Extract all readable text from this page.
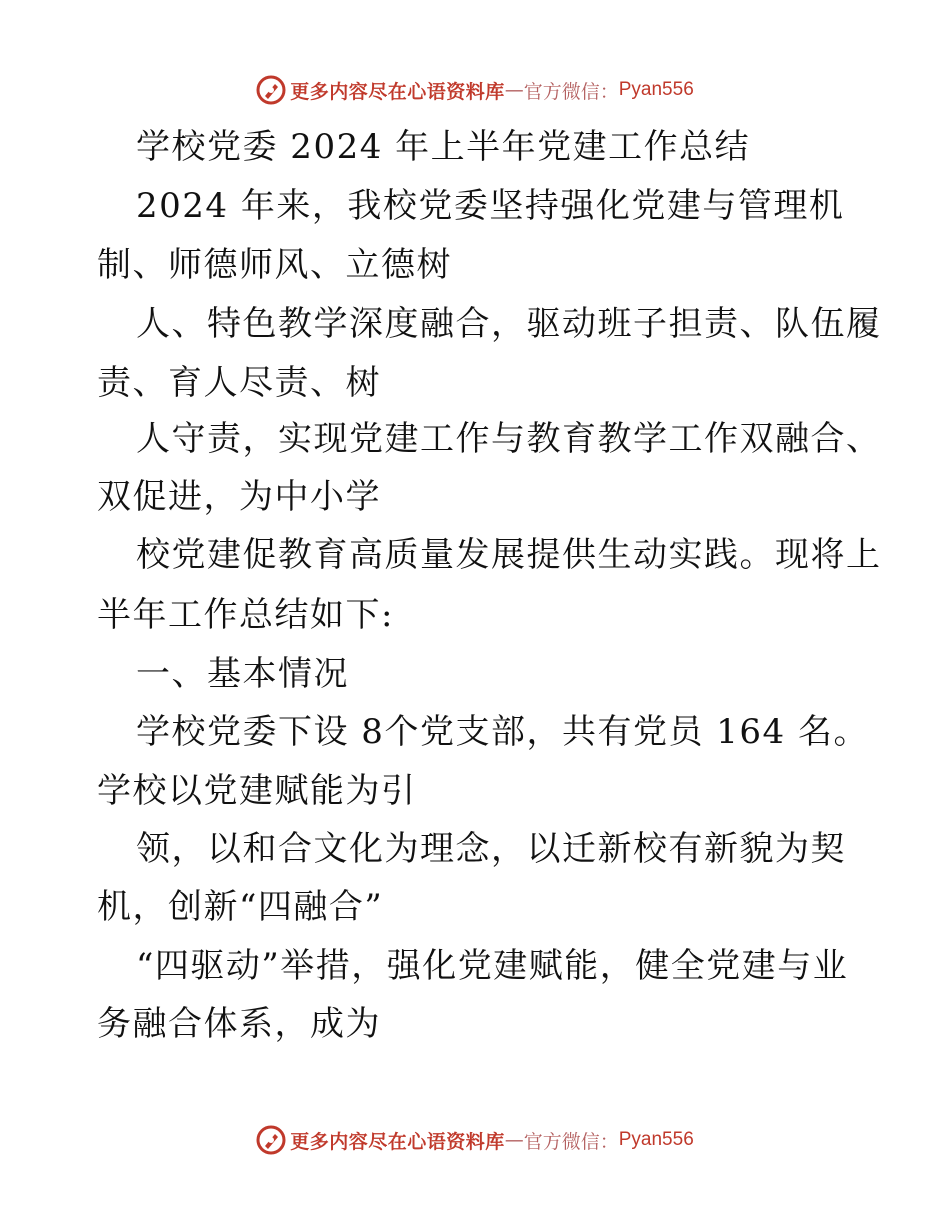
更多内容尽在心语资料库 — 官方微信： Pyan556
学校党委 2024 年上半年党建工作总结
2024 年来，我校党委坚持强化党建与管理机
制、师德师风、立德树
人、特色教学深度融合，驱动班子担责、队伍履
责、育人尽责、树
人守责，实现党建工作与教育教学工作双融合、
双促进，为中小学
校党建促教育高质量发展提供生动实践。现将上
半年工作总结如下:
一、基本情况
学校党委下设 8个党支部，共有党员 164 名。
学校以党建赋能为引
领，以和合文化为理念，以迁新校有新貌为契
机，创新“四融合”
“四驱动”举措，强化党建赋能，健全党建与业
务融合体系，成为
更多内容尽在心语资料库 — 官方微信： Pyan556
